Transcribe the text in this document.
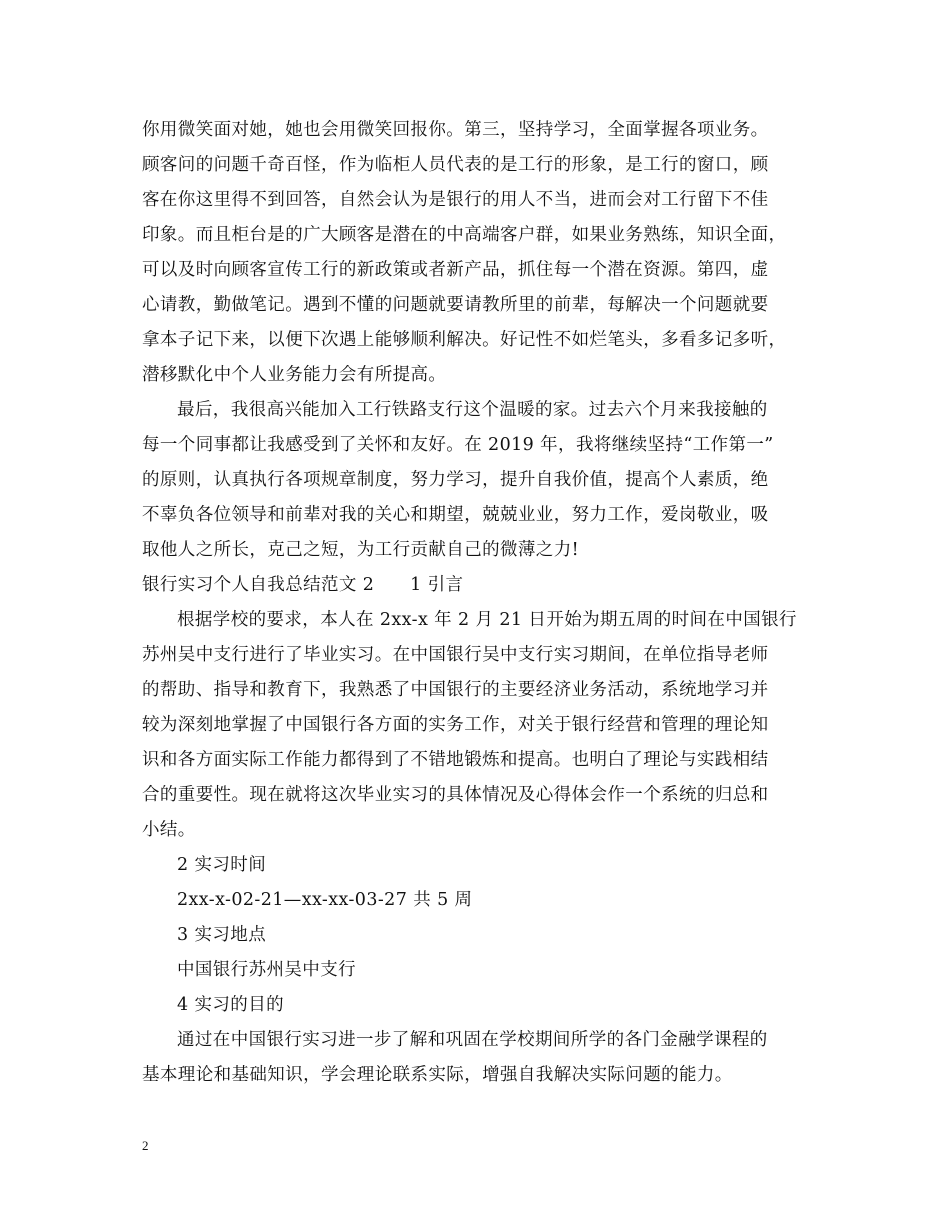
你用微笑面对她，她也会用微笑回报你。第三，坚持学习，全面掌握各项业务。
顾客问的问题千奇百怪，作为临柜人员代表的是工行的形象，是工行的窗口，顾
客在你这里得不到回答，自然会认为是银行的用人不当，进而会对工行留下不佳
印象。而且柜台是的广大顾客是潜在的中高端客户群，如果业务熟练，知识全面，
可以及时向顾客宣传工行的新政策或者新产品，抓住每一个潜在资源。第四，虚
心请教，勤做笔记。遇到不懂的问题就要请教所里的前辈，每解决一个问题就要
拿本子记下来，以便下次遇上能够顺利解决。好记性不如烂笔头，多看多记多听，
潜移默化中个人业务能力会有所提高。
最后，我很高兴能加入工行铁路支行这个温暖的家。过去六个月来我接触的
每一个同事都让我感受到了关怀和友好。在 2019 年，我将继续坚持“工作第一”
的原则，认真执行各项规章制度，努力学习，提升自我价值，提高个人素质，绝
不辜负各位领导和前辈对我的关心和期望，兢兢业业，努力工作，爱岗敬业，吸
取他人之所长，克己之短，为工行贡献自己的微薄之力!
银行实习个人自我总结范文 2　　1 引言
根据学校的要求，本人在 2xx-x 年 2 月 21 日开始为期五周的时间在中国银行
苏州吴中支行进行了毕业实习。在中国银行吴中支行实习期间，在单位指导老师
的帮助、指导和教育下，我熟悉了中国银行的主要经济业务活动，系统地学习并
较为深刻地掌握了中国银行各方面的实务工作，对关于银行经营和管理的理论知
识和各方面实际工作能力都得到了不错地锻炼和提高。也明白了理论与实践相结
合的重要性。现在就将这次毕业实习的具体情况及心得体会作一个系统的归总和
小结。
2 实习时间
2xx-x-02-21—xx-xx-03-27 共 5 周
3 实习地点
中国银行苏州吴中支行
4 实习的目的
通过在中国银行实习进一步了解和巩固在学校期间所学的各门金融学课程的
基本理论和基础知识，学会理论联系实际，增强自我解决实际问题的能力。
2
